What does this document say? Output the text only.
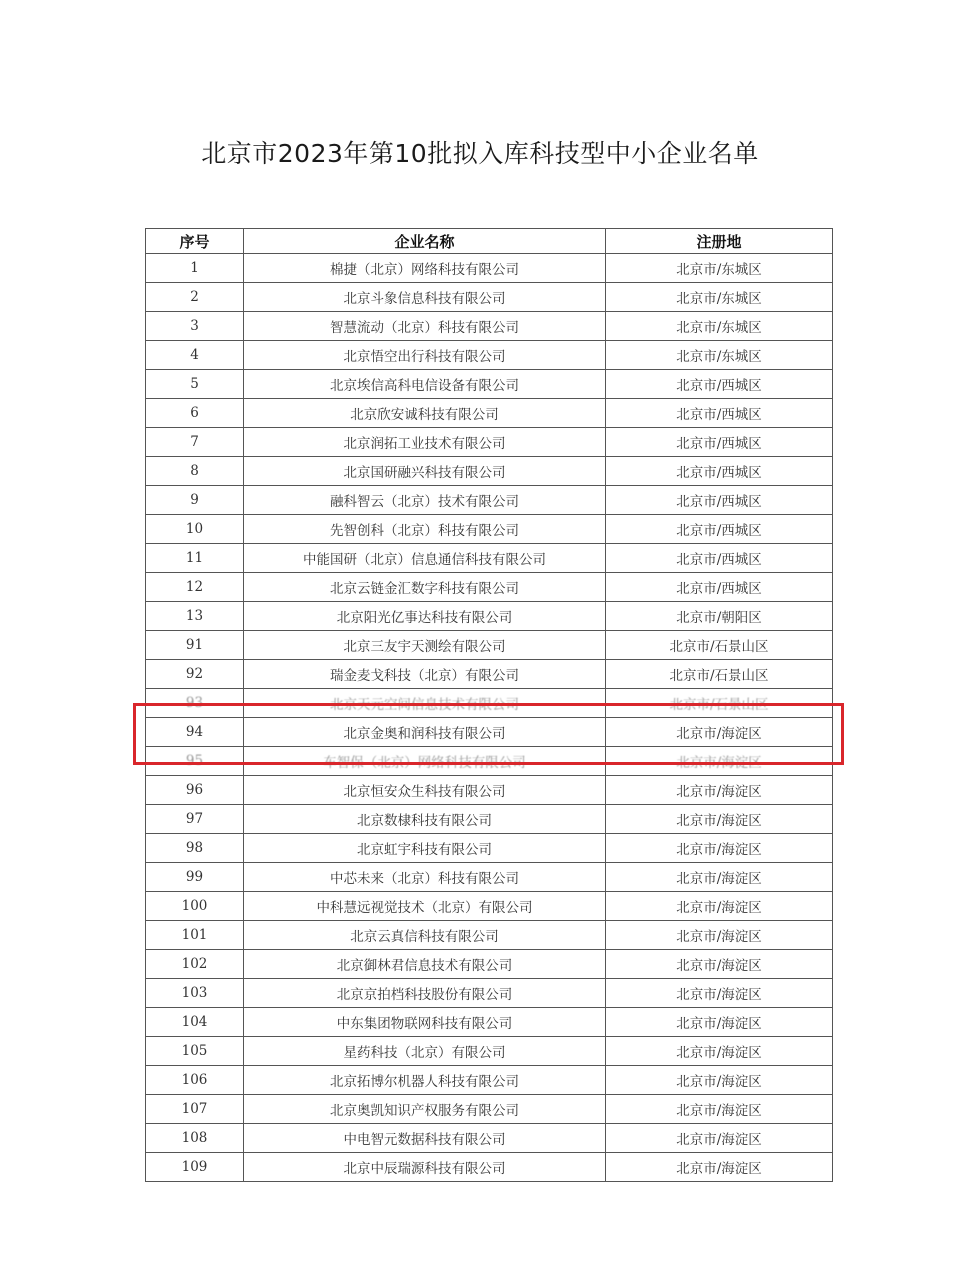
北京市2023年第10批拟入库科技型中小企业名单
序号	企业名称	注册地
1	棉捷（北京）网络科技有限公司	北京市/东城区
2	北京斗象信息科技有限公司	北京市/东城区
3	智慧流动（北京）科技有限公司	北京市/东城区
4	北京悟空出行科技有限公司	北京市/东城区
5	北京埃信高科电信设备有限公司	北京市/西城区
6	北京欣安诚科技有限公司	北京市/西城区
7	北京润拓工业技术有限公司	北京市/西城区
8	北京国研融兴科技有限公司	北京市/西城区
9	融科智云（北京）技术有限公司	北京市/西城区
10	先智创科（北京）科技有限公司	北京市/西城区
11	中能国研（北京）信息通信科技有限公司	北京市/西城区
12	北京云链金汇数字科技有限公司	北京市/西城区
13	北京阳光亿事达科技有限公司	北京市/朝阳区
91	北京三友宇天测绘有限公司	北京市/石景山区
92	瑞金麦戈科技（北京）有限公司	北京市/石景山区
93	北京天元空间信息技术有限公司	北京市/石景山区
94	北京金奥和润科技有限公司	北京市/海淀区
95	车智保（北京）网络科技有限公司	北京市/海淀区
96	北京恒安众生科技有限公司	北京市/海淀区
97	北京数棣科技有限公司	北京市/海淀区
98	北京虹宇科技有限公司	北京市/海淀区
99	中芯未来（北京）科技有限公司	北京市/海淀区
100	中科慧远视觉技术（北京）有限公司	北京市/海淀区
101	北京云真信科技有限公司	北京市/海淀区
102	北京御林君信息技术有限公司	北京市/海淀区
103	北京京拍档科技股份有限公司	北京市/海淀区
104	中东集团物联网科技有限公司	北京市/海淀区
105	星药科技（北京）有限公司	北京市/海淀区
106	北京拓博尔机器人科技有限公司	北京市/海淀区
107	北京奥凯知识产权服务有限公司	北京市/海淀区
108	中电智元数据科技有限公司	北京市/海淀区
109	北京中辰瑞源科技有限公司	北京市/海淀区
